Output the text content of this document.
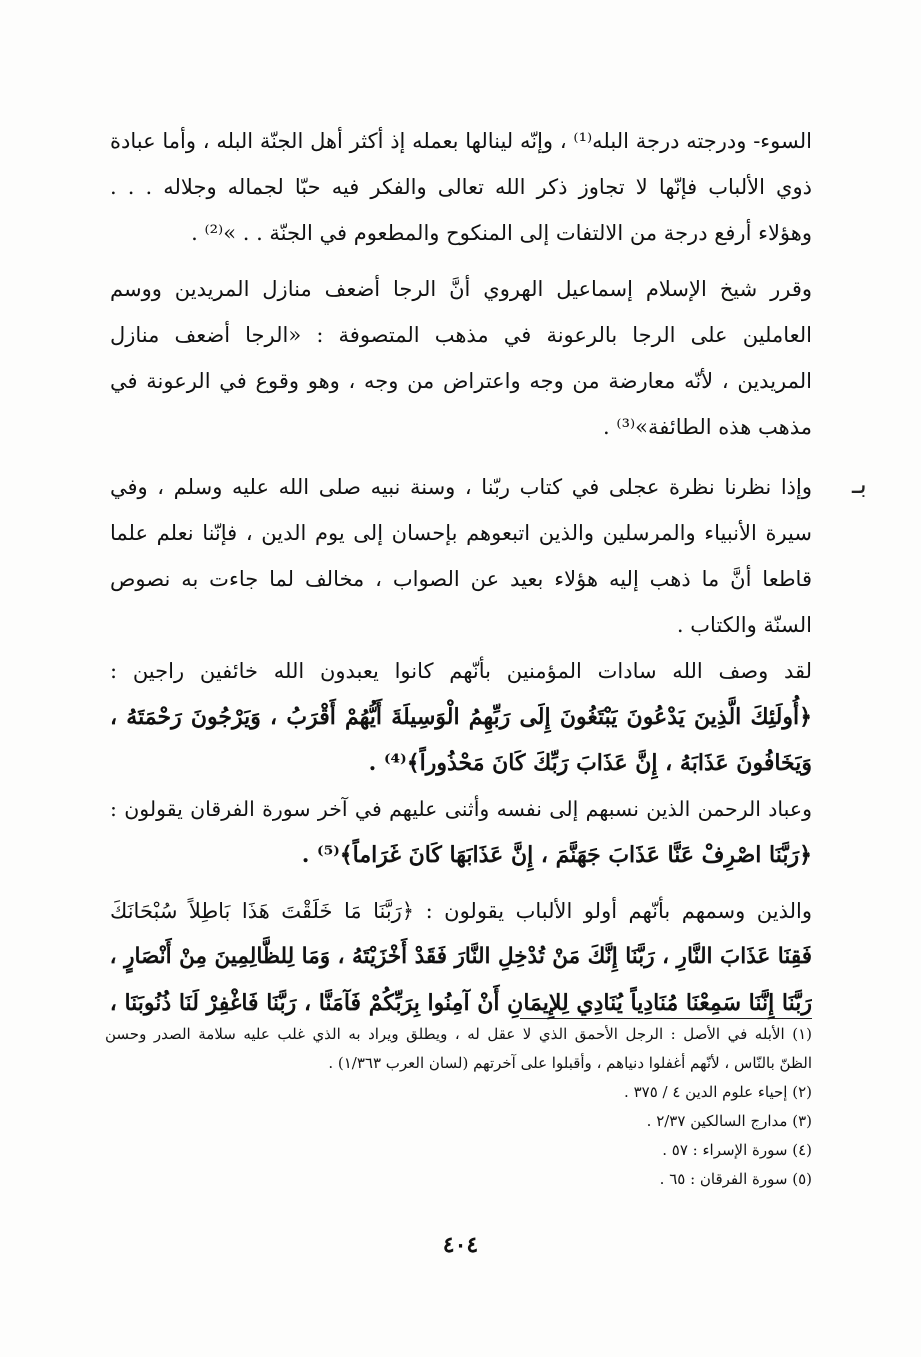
السوء- ودرجته درجة البله⁽¹⁾ ، وإنّه لينالها بعمله إذ أكثر أهل الجنّة البله ، وأما عبادة
ذوي الألباب فإنّها لا تجاوز ذكر الله تعالى والفكر فيه حبّا لجماله وجلاله . . .
وهؤلاء أرفع درجة من الالتفات إلى المنكوح والمطعوم في الجنّة . . »⁽²⁾ .
وقرر شيخ الإسلام إسماعيل الهروي أنَّ الرجا أضعف منازل المريدين ووسم
العاملين على الرجا بالرعونة في مذهب المتصوفة : «الرجا أضعف منازل
المريدين ، لأنّه معارضة من وجه واعتراض من وجه ، وهو وقوع في الرعونة في
مذهب هذه الطائفة»⁽³⁾ .
وإذا نظرنا نظرة عجلى في كتاب ربّنا ، وسنة نبيه صلى الله عليه وسلم ، وفي
سيرة الأنبياء والمرسلين والذين اتبعوهم بإحسان إلى يوم الدين ، فإنّنا نعلم علما
قاطعا أنَّ ما ذهب إليه هؤلاء بعيد عن الصواب ، مخالف لما جاءت به نصوص
السنّة والكتاب .
لقد وصف الله سادات المؤمنين بأنّهم كانوا يعبدون الله خائفين راجين :
﴿أُولَئِكَ الَّذِينَ يَدْعُونَ يَبْتَغُونَ إِلَى رَبِّهِمُ الْوَسِيلَةَ أَيُّهُمْ أَقْرَبُ ، وَيَرْجُونَ رَحْمَتَهُ ،
وَيَخَافُونَ عَذَابَهُ ، إِنَّ عَذَابَ رَبِّكَ كَانَ مَحْذُوراً﴾⁽⁴⁾ .
وعباد الرحمن الذين نسبهم إلى نفسه وأثنى عليهم في آخر سورة الفرقان يقولون :
﴿رَبَّنَا اصْرِفْ عَنَّا عَذَابَ جَهَنَّمَ ، إِنَّ عَذَابَهَا كَانَ غَرَاماً﴾⁽⁵⁾ .
والذين وسمهم بأنّهم أولو الألباب يقولون : ﴿رَبَّنَا مَا خَلَقْتَ هَذَا بَاطِلاً سُبْحَانَكَ
فَقِنَا عَذَابَ النَّارِ ، رَبَّنَا إِنَّكَ مَنْ تُدْخِلِ النَّارَ فَقَدْ أَخْزَيْتَهُ ، وَمَا لِلظَّالِمِينَ مِنْ أَنْصَارٍ ،
رَبَّنَا إِنَّنَا سَمِعْنَا مُنَادِياً يُنَادِي لِلإِيمَانِ أَنْ آمِنُوا بِرَبِّكُمْ فَآمَنَّا ، رَبَّنَا فَاغْفِرْ لَنَا ذُنُوبَنَا ،
بـ
(١) الأبله في الأصل : الرجل الأحمق الذي لا عقل له ، ويطلق ويراد به الذي غلب عليه سلامة الصدر وحسن
الظنّ بالنّاس ، لأنّهم أغفلوا دنياهم ، وأقبلوا على آخرتهم (لسان العرب ١/٣٦٣) .
(٢) إحياء علوم الدين ٤ / ٣٧٥ .
(٣) مدارج السالكين ٢/٣٧ .
(٤) سورة الإسراء : ٥٧ .
(٥) سورة الفرقان : ٦٥ .
٤٠٤
